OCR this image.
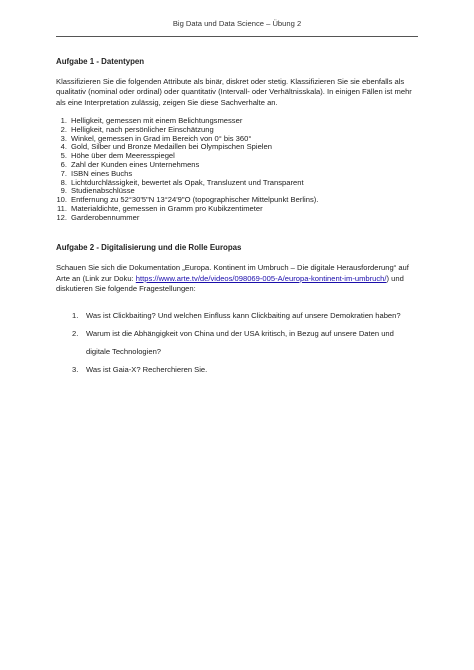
Big Data und Data Science – Übung 2
Aufgabe 1 - Datentypen

Klassifizieren Sie die folgenden Attribute als binär, diskret oder stetig. Klassifizieren Sie sie ebenfalls als qualitativ (nominal oder ordinal) oder quantitativ (Intervall- oder Verhältnisskala). In einigen Fällen ist mehr als eine Interpretation zulässig, zeigen Sie diese Sachverhalte an.

1. Helligkeit, gemessen mit einem Belichtungsmesser
2. Helligkeit, nach persönlicher Einschätzung
3. Winkel, gemessen in Grad im Bereich von 0° bis 360°
4. Gold, Silber und Bronze Medaillen bei Olympischen Spielen
5. Höhe über dem Meeresspiegel
6. Zahl der Kunden eines Unternehmens
7. ISBN eines Buchs
8. Lichtdurchlässigkeit, bewertet als Opak, Transluzent und Transparent
9. Studienabschlüsse
10. Entfernung zu 52°30'5"N 13°24'9"O (topographischer Mittelpunkt Berlins).
11. Materialdichte, gemessen in Gramm pro Kubikzentimeter
12. Garderobennummer
Aufgabe 2 - Digitalisierung und die Rolle Europas

Schauen Sie sich die Dokumentation „Europa. Kontinent im Umbruch – Die digitale Herausforderung“ auf Arte an (Link zur Doku: https://www.arte.tv/de/videos/098069-005-A/europa-kontinent-im-umbruch/) und diskutieren Sie folgende Fragestellungen:

1. Was ist Clickbaiting? Und welchen Einfluss kann Clickbaiting auf unsere Demokratien haben?
2. Warum ist die Abhängigkeit von China und der USA kritisch, in Bezug auf unsere Daten und digitale Technologien?
3. Was ist Gaia-X? Recherchieren Sie.
